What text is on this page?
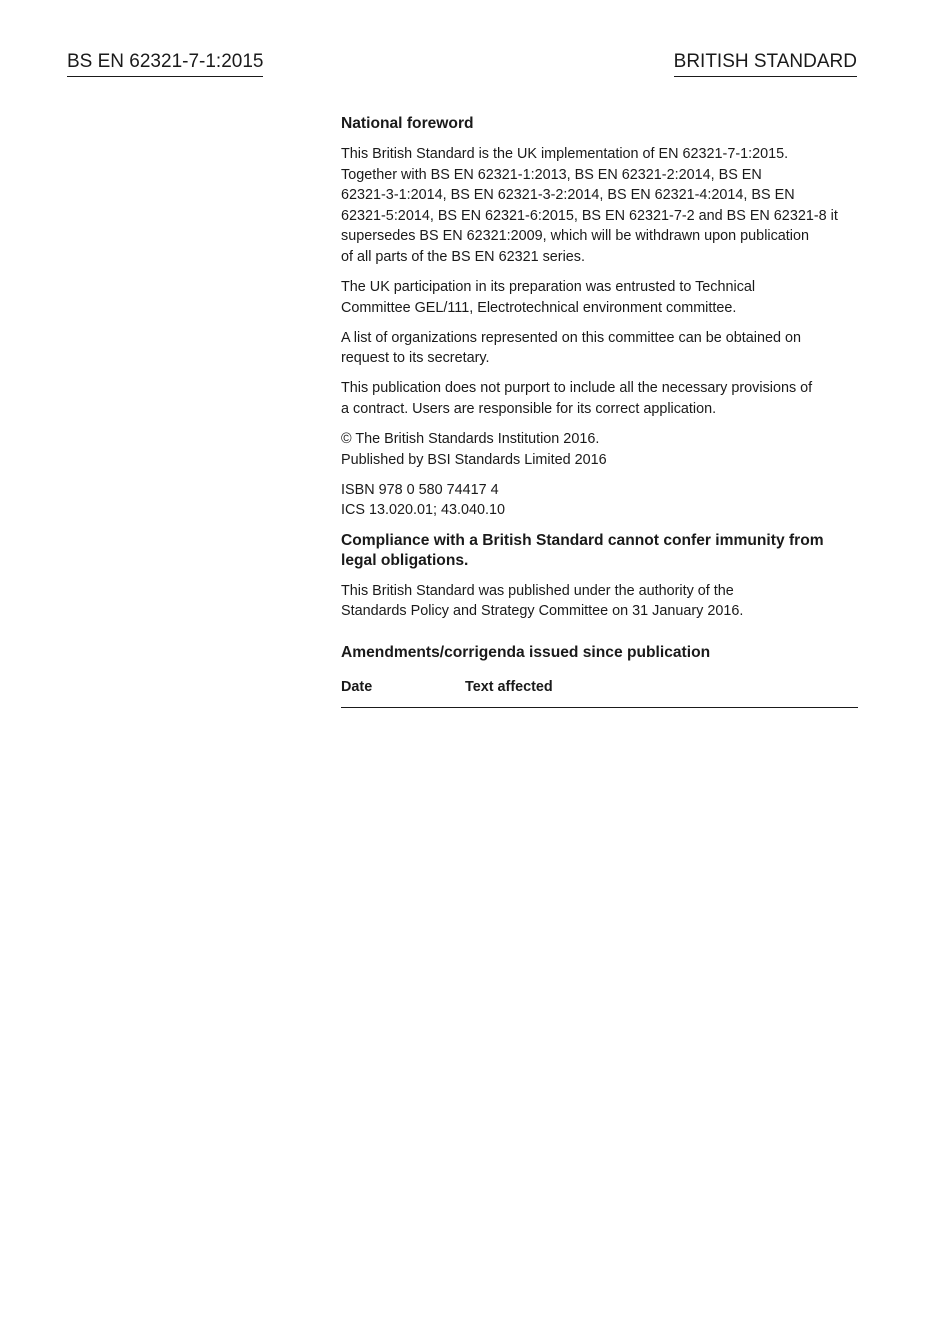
BS EN 62321-7-1:2015	BRITISH STANDARD
National foreword
This British Standard is the UK implementation of EN 62321-7-1:2015.
Together with BS EN 62321-1:2013, BS EN 62321-2:2014, BS EN
62321-3-1:2014, BS EN 62321-3-2:2014, BS EN 62321-4:2014, BS EN
62321-5:2014, BS EN 62321-6:2015, BS EN 62321-7-2 and BS EN 62321-8 it
supersedes BS EN 62321:2009, which will be withdrawn upon publication
of all parts of the BS EN 62321 series.
The UK participation in its preparation was entrusted to Technical
Committee GEL/111, Electrotechnical environment committee.
A list of organizations represented on this committee can be obtained on
request to its secretary.
This publication does not purport to include all the necessary provisions of
a contract. Users are responsible for its correct application.
© The British Standards Institution 2016.
Published by BSI Standards Limited 2016
ISBN 978 0 580 74417 4
ICS 13.020.01; 43.040.10
Compliance with a British Standard cannot confer immunity from
legal obligations.
This British Standard was published under the authority of the
Standards Policy and Strategy Committee on 31 January 2016.
Amendments/corrigenda issued since publication
Date	Text affected
